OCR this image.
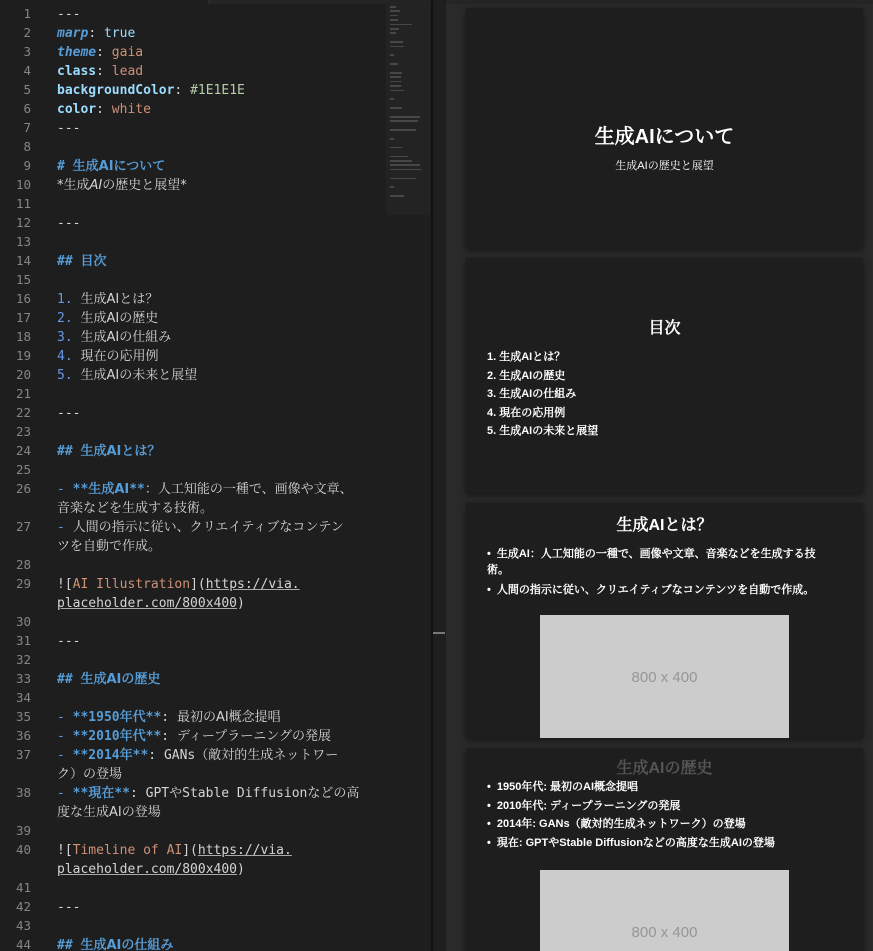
1 ---
2 marp: true
3 theme: gaia
4 class: lead
5 backgroundColor: #1E1E1E
6 color: white
7 ---
8
9 # 生成AIについて
10 *生成AIの歴史と展望*
11
12 ---
13
14 ## 目次
15
16 1. 生成AIとは？
17 2. 生成AIの歴史
18 3. 生成AIの仕組み
19 4. 現在の応用例
20 5. 生成AIの未来と展望
21
22 ---
23
24 ## 生成AIとは？
25
26 - **生成AI**：人工知能の一種で、画像や文章、
音楽などを生成する技術。
27 - 人間の指示に従い、クリエイティブなコンテン
ツを自動で作成。
28
29 ![AI Illustration](https://via.
placeholder.com/800x400)
30
31 ---
32
33 ## 生成AIの歴史
34
35 - **1950年代**: 最初のAI概念提唱
36 - **2010年代**: ディープラーニングの発展
37 - **2014年**: GANs（敵対的生成ネットワー
ク）の登場
38 - **現在**: GPTやStable Diffusionなどの高
度な生成AIの登場
39
40 ![Timeline of AI](https://via.
placeholder.com/800x400)
41
42 ---
43
44 ## 生成AIの仕組み
生成AIについて
生成AIの歴史と展望
目次
1. 生成AIとは？
2. 生成AIの歴史
3. 生成AIの仕組み
4. 現在の応用例
5. 生成AIの未来と展望
生成AIとは？
• 生成AI：人工知能の一種で、画像や文章、音楽などを生成する技術。
• 人間の指示に従い、クリエイティブなコンテンツを自動で作成。
800 x 400
生成AIの歴史
• 1950年代: 最初のAI概念提唱
• 2010年代: ディープラーニングの発展
• 2014年: GANs（敵対的生成ネットワーク）の登場
• 現在: GPTやStable Diffusionなどの高度な生成AIの登場
800 x 400
